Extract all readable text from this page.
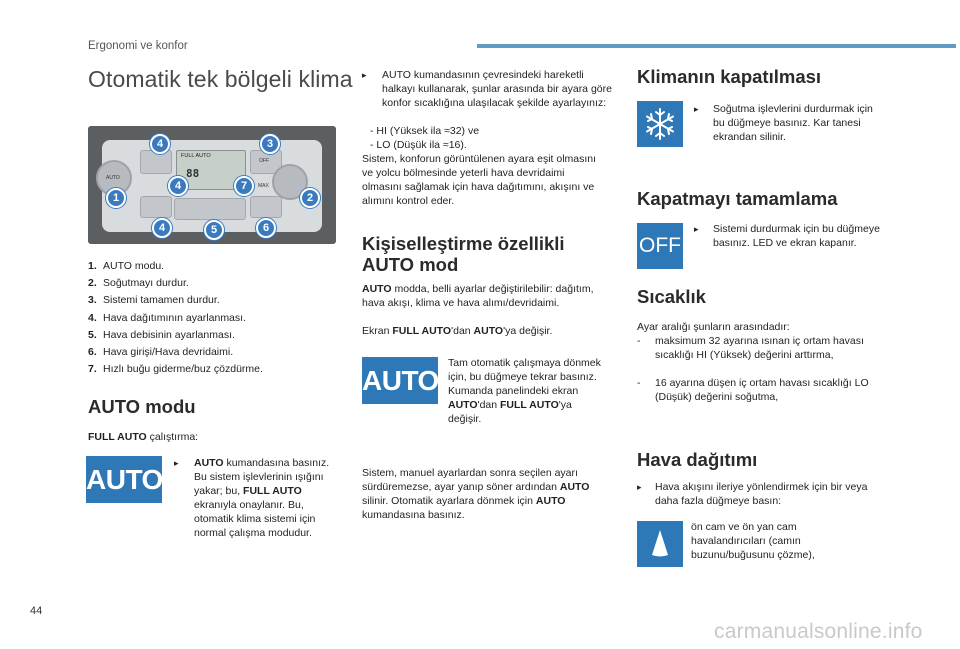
Ergonomi ve konfor
Otomatik tek bölgeli klima
OFF
AUTO
FULL AUTO
88
MAX
1	2
3
4
4
4	5	6
7
1. AUTO modu.
2. Soğutmayı durdur.
3. Sistemi tamamen durdur.
4. Hava dağıtımının ayarlanması.
5. Hava debisinin ayarlanması.
6. Hava girişi/Hava devridaimi.
7. Hızlı buğu giderme/buz çözdürme.
AUTO modu
FULL AUTO çalıştırma:
AUTO
▸ AUTO kumandasına basınız. Bu sistem işlevlerinin ışığını yakar; bu, FULL AUTO ekranıyla onaylanır. Bu, otomatik klima sistemi için normal çalışma modudur.
▸ AUTO kumandasının çevresindeki hareketli halkayı kullanarak, şunlar arasında bir ayara göre konfor sıcaklığına ulaşılacak şekilde ayarlayınız:
- HI (Yüksek ila ≈32) ve
- LO (Düşük ila ≈16).
Sistem, konforun görüntülenen ayara eşit olmasını ve yolcu bölmesinde yeterli hava devridaimi olmasını sağlamak için hava dağıtımını, akışını ve alımını kontrol eder.
Kişiselleştirme özellikli
AUTO mod
AUTO modda, belli ayarlar değiştirilebilir: dağıtım, hava akışı, klima ve hava alımı/devridaimi.
Ekran FULL AUTO'dan AUTO'ya değişir.
AUTO
Tam otomatik çalışmaya dönmek için, bu düğmeye tekrar basınız. Kumanda panelindeki ekran AUTO'dan FULL AUTO'ya değişir.
Sistem, manuel ayarlardan sonra seçilen ayarı sürdüremezse, ayar yanıp söner ardından AUTO silinir. Otomatik ayarlara dönmek için AUTO kumandasına basınız.
Klimanın kapatılması
▸ Soğutma işlevlerini durdurmak için bu düğmeye basınız. Kar tanesi ekrandan silinir.
Kapatmayı tamamlama
OFF
▸ Sistemi durdurmak için bu düğmeye basınız. LED ve ekran kapanır.
Sıcaklık
Ayar aralığı şunların arasındadır:
- maksimum 32 ayarına ısınan iç ortam havası sıcaklığı HI (Yüksek) değerini arttırma,
- 16 ayarına düşen iç ortam havası sıcaklığı LO (Düşük) değerini soğutma,
Hava dağıtımı
▸ Hava akışını ileriye yönlendirmek için bir veya daha fazla düğmeye basın:
ön cam ve ön yan cam havalandırıcıları (camın buzunu/buğusunu çözme),
44
carmanualsonline.info
